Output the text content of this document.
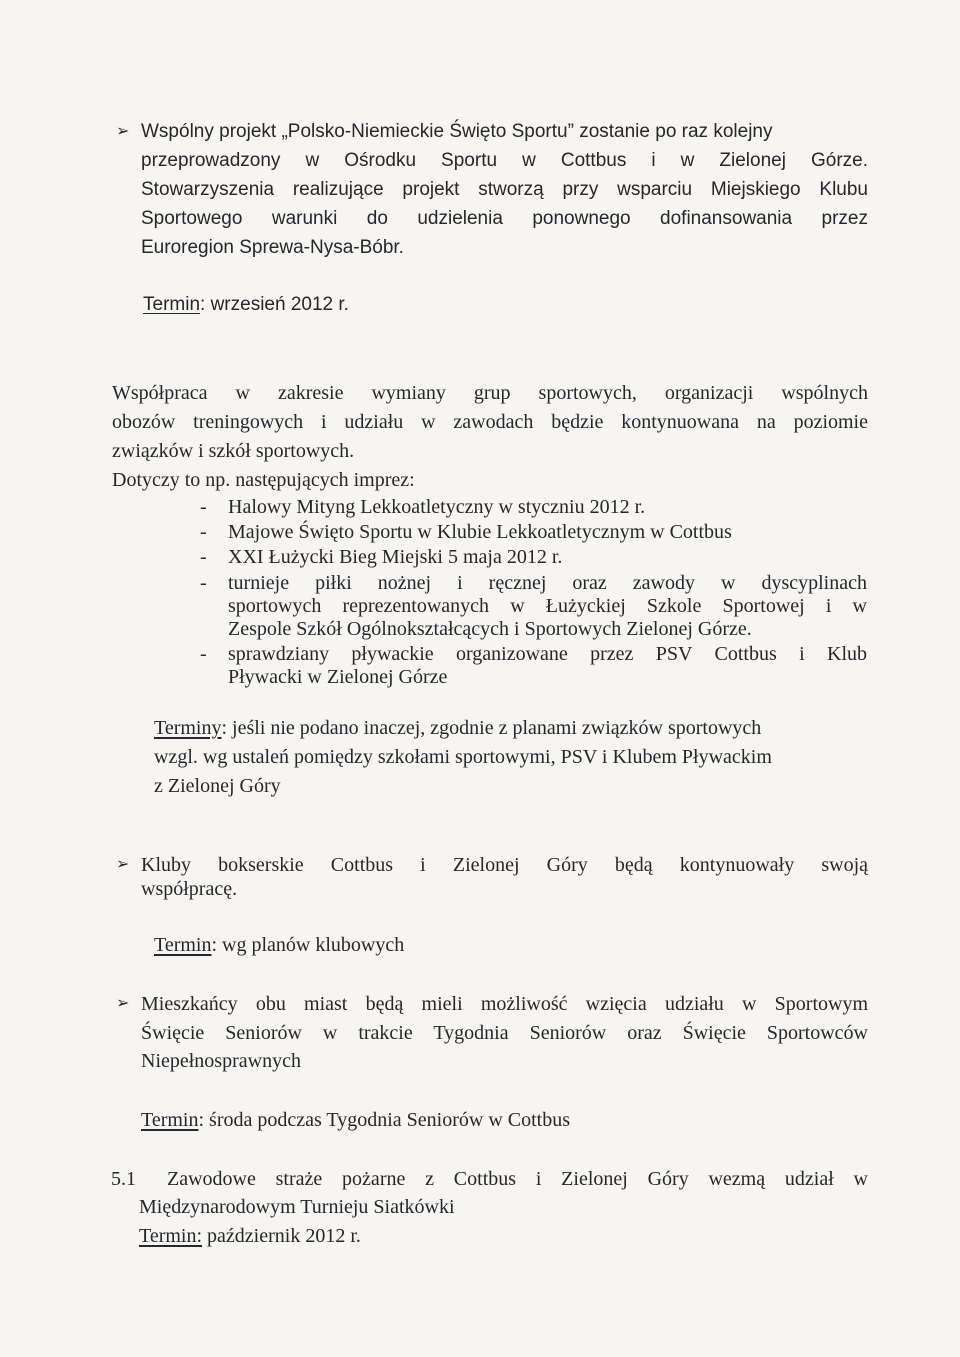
➢ Wspólny projekt „Polsko-Niemieckie Święto Sportu” zostanie po raz kolejny
przeprowadzony w Ośrodku Sportu w Cottbus i w Zielonej Górze.
Stowarzyszenia realizujące projekt stworzą przy wsparciu Miejskiego Klubu
Sportowego warunki do udzielenia ponownego dofinansowania przez
Euroregion Sprewa-Nysa-Bóbr.
Termin: wrzesień 2012 r.
Współpraca w zakresie wymiany grup sportowych, organizacji wspólnych
obozów treningowych i udziału w zawodach będzie kontynuowana na poziomie
związków i szkół sportowych.
Dotyczy to np. następujących imprez:
- Halowy Mityng Lekkoatletyczny w styczniu 2012 r.
- Majowe Święto Sportu w Klubie Lekkoatletycznym w Cottbus
- XXI Łużycki Bieg Miejski 5 maja 2012 r.
- turnieje piłki nożnej i ręcznej oraz zawody w dyscyplinach
sportowych reprezentowanych w Łużyckiej Szkole Sportowej i w
Zespole Szkół Ogólnokształcących i Sportowych Zielonej Górze.
- sprawdziany pływackie organizowane przez PSV Cottbus i Klub
Pływacki w Zielonej Górze
Terminy: jeśli nie podano inaczej, zgodnie z planami związków sportowych
wzgl. wg ustaleń pomiędzy szkołami sportowymi, PSV i Klubem Pływackim
z Zielonej Góry
➢ Kluby bokserskie Cottbus i Zielonej Góry będą kontynuowały swoją
współpracę.
Termin: wg planów klubowych
➢ Mieszkańcy obu miast będą mieli możliwość wzięcia udziału w Sportowym
Święcie Seniorów w trakcie Tygodnia Seniorów oraz Święcie Sportowców
Niepełnosprawnych
Termin: środa podczas Tygodnia Seniorów w Cottbus
5.1 Zawodowe straże pożarne z Cottbus i Zielonej Góry wezmą udział w
Międzynarodowym Turnieju Siatkówki
Termin: październik 2012 r.
